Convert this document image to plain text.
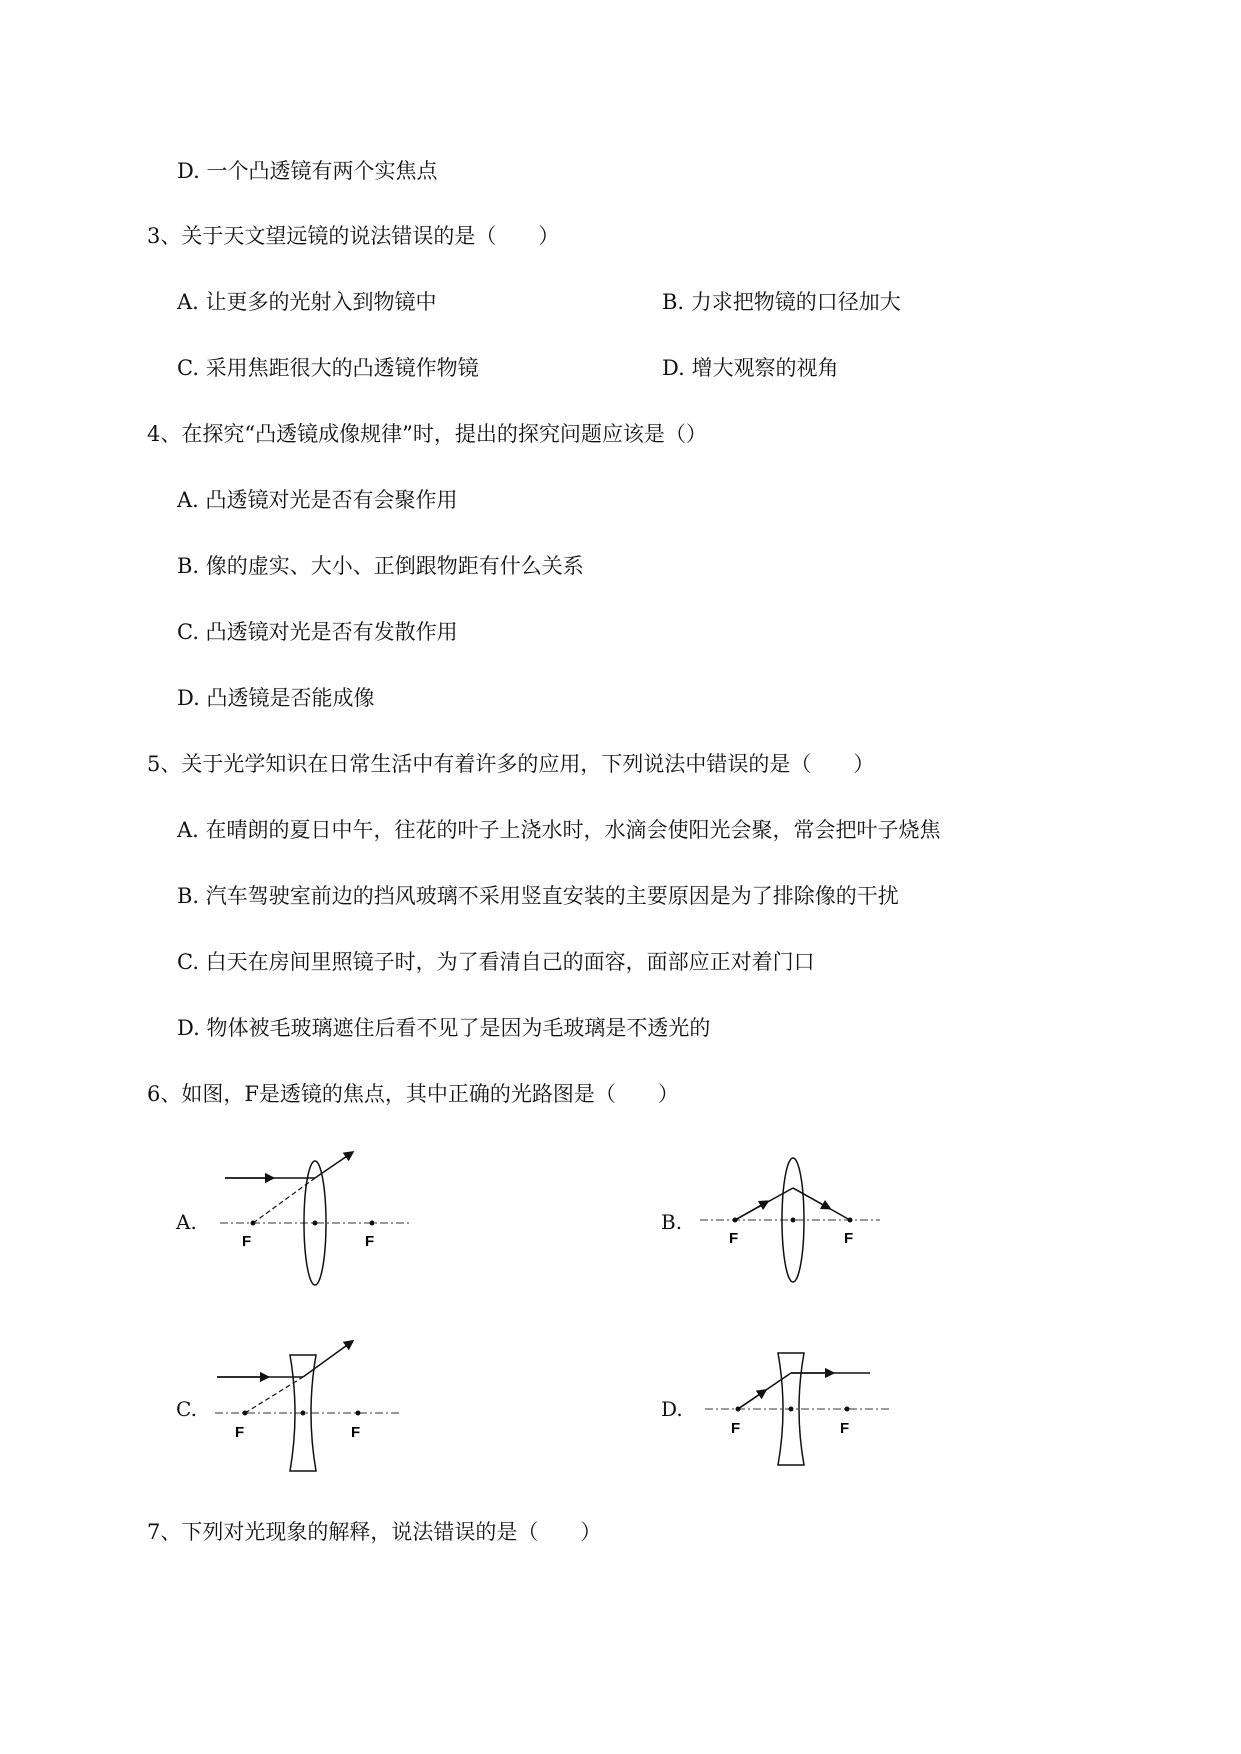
D. 一个凸透镜有两个实焦点
3、关于天文望远镜的说法错误的是（　　）
A. 让更多的光射入到物镜中	B. 力求把物镜的口径加大
C. 采用焦距很大的凸透镜作物镜	D. 增大观察的视角
4、在探究“凸透镜成像规律”时，提出的探究问题应该是（）
A. 凸透镜对光是否有会聚作用
B. 像的虚实、大小、正倒跟物距有什么关系
C. 凸透镜对光是否有发散作用
D. 凸透镜是否能成像
5、关于光学知识在日常生活中有着许多的应用，下列说法中错误的是（　　）
A. 在晴朗的夏日中午，往花的叶子上浇水时，水滴会使阳光会聚，常会把叶子烧焦
B. 汽车驾驶室前边的挡风玻璃不采用竖直安装的主要原因是为了排除像的干扰
C. 白天在房间里照镜子时，为了看清自己的面容，面部应正对着门口
D. 物体被毛玻璃遮住后看不见了是因为毛玻璃是不透光的
6、如图，F是透镜的焦点，其中正确的光路图是（　　）
A.
F	F
B.
F	F
C.
F	F
D.
F	F
7、下列对光现象的解释，说法错误的是（　　）
